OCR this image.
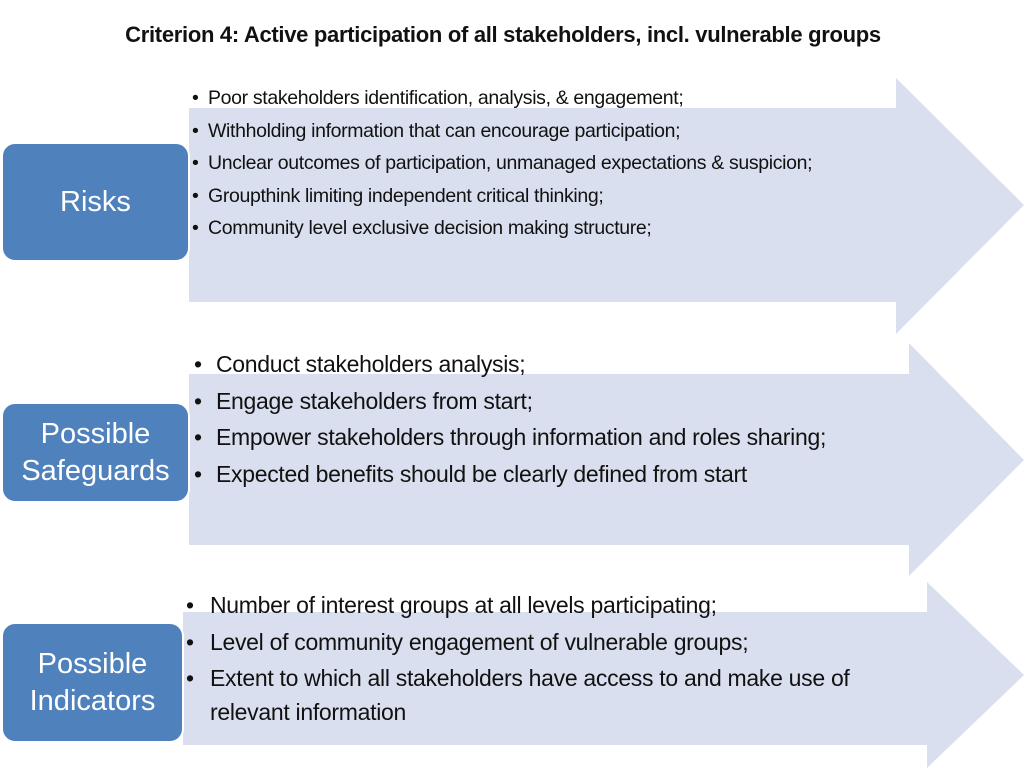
Criterion 4: Active participation of all stakeholders, incl. vulnerable groups
Risks
• Poor stakeholders identification, analysis, & engagement;
• Withholding information that can encourage participation;
• Unclear outcomes of participation, unmanaged expectations & suspicion;
• Groupthink limiting independent critical thinking;
• Community level exclusive decision making structure;
Possible
Safeguards
• Conduct stakeholders analysis;
• Engage stakeholders from start;
• Empower stakeholders through information and roles sharing;
• Expected benefits should be clearly defined from start
Possible
Indicators
• Number of interest groups at all levels participating;
• Level of community engagement of vulnerable groups;
• Extent to which all stakeholders have access to and make use of
relevant information
